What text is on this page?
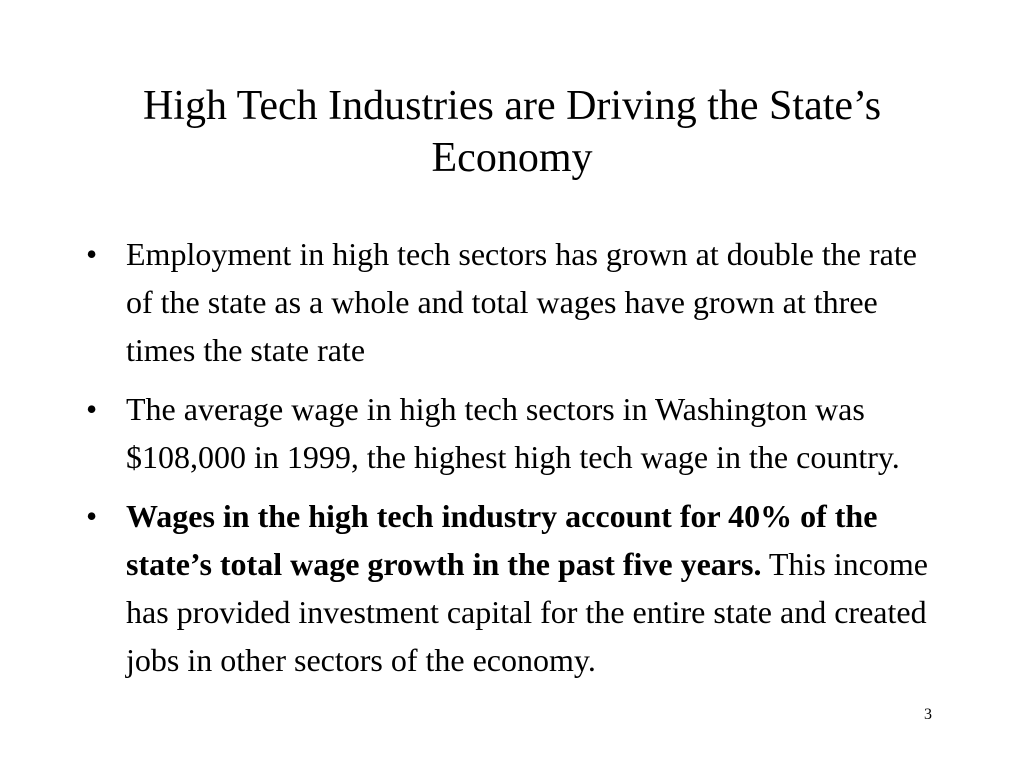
High Tech Industries are Driving the State’s Economy
• Employment in high tech sectors has grown at double the rate of the state as a whole and total wages have grown at three times the state rate
• The average wage in high tech sectors in Washington was $108,000 in 1999, the highest high tech wage in the country.
• Wages in the high tech industry account for 40% of the state’s total wage growth in the past five years. This income has provided investment capital for the entire state and created jobs in other sectors of the economy.
3
